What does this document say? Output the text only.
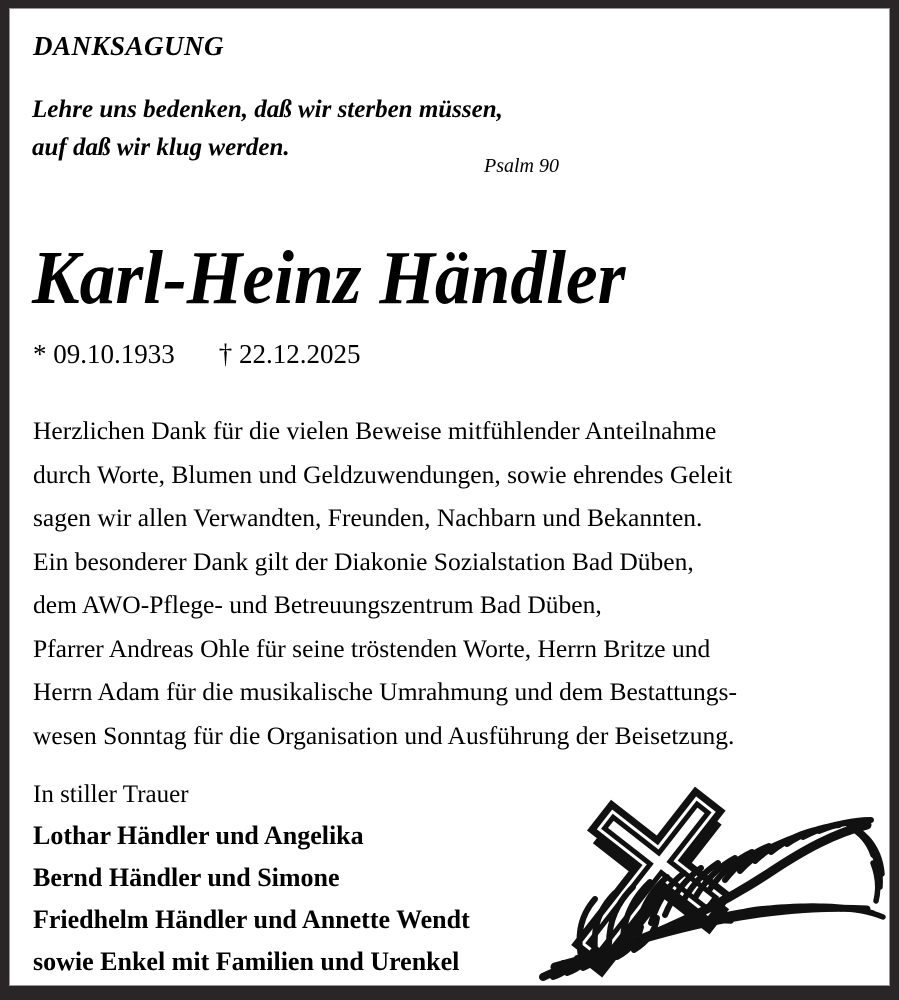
DANKSAGUNG
Lehre uns bedenken, daß wir sterben müssen,
auf daß wir klug werden.
Psalm 90
Karl-Heinz Händler
* 09.10.1933 † 22.12.2025
Herzlichen Dank für die vielen Beweise mitfühlender Anteilnahme
durch Worte, Blumen und Geldzuwendungen, sowie ehrendes Geleit
sagen wir allen Verwandten, Freunden, Nachbarn und Bekannten.
Ein besonderer Dank gilt der Diakonie Sozialstation Bad Düben,
dem AWO-Pflege- und Betreuungszentrum Bad Düben,
Pfarrer Andreas Ohle für seine tröstenden Worte, Herrn Britze und
Herrn Adam für die musikalische Umrahmung und dem Bestattungs-
wesen Sonntag für die Organisation und Ausführung der Beisetzung.
In stiller Trauer
Lothar Händler und Angelika
Bernd Händler und Simone
Friedhelm Händler und Annette Wendt
sowie Enkel mit Familien und Urenkel
